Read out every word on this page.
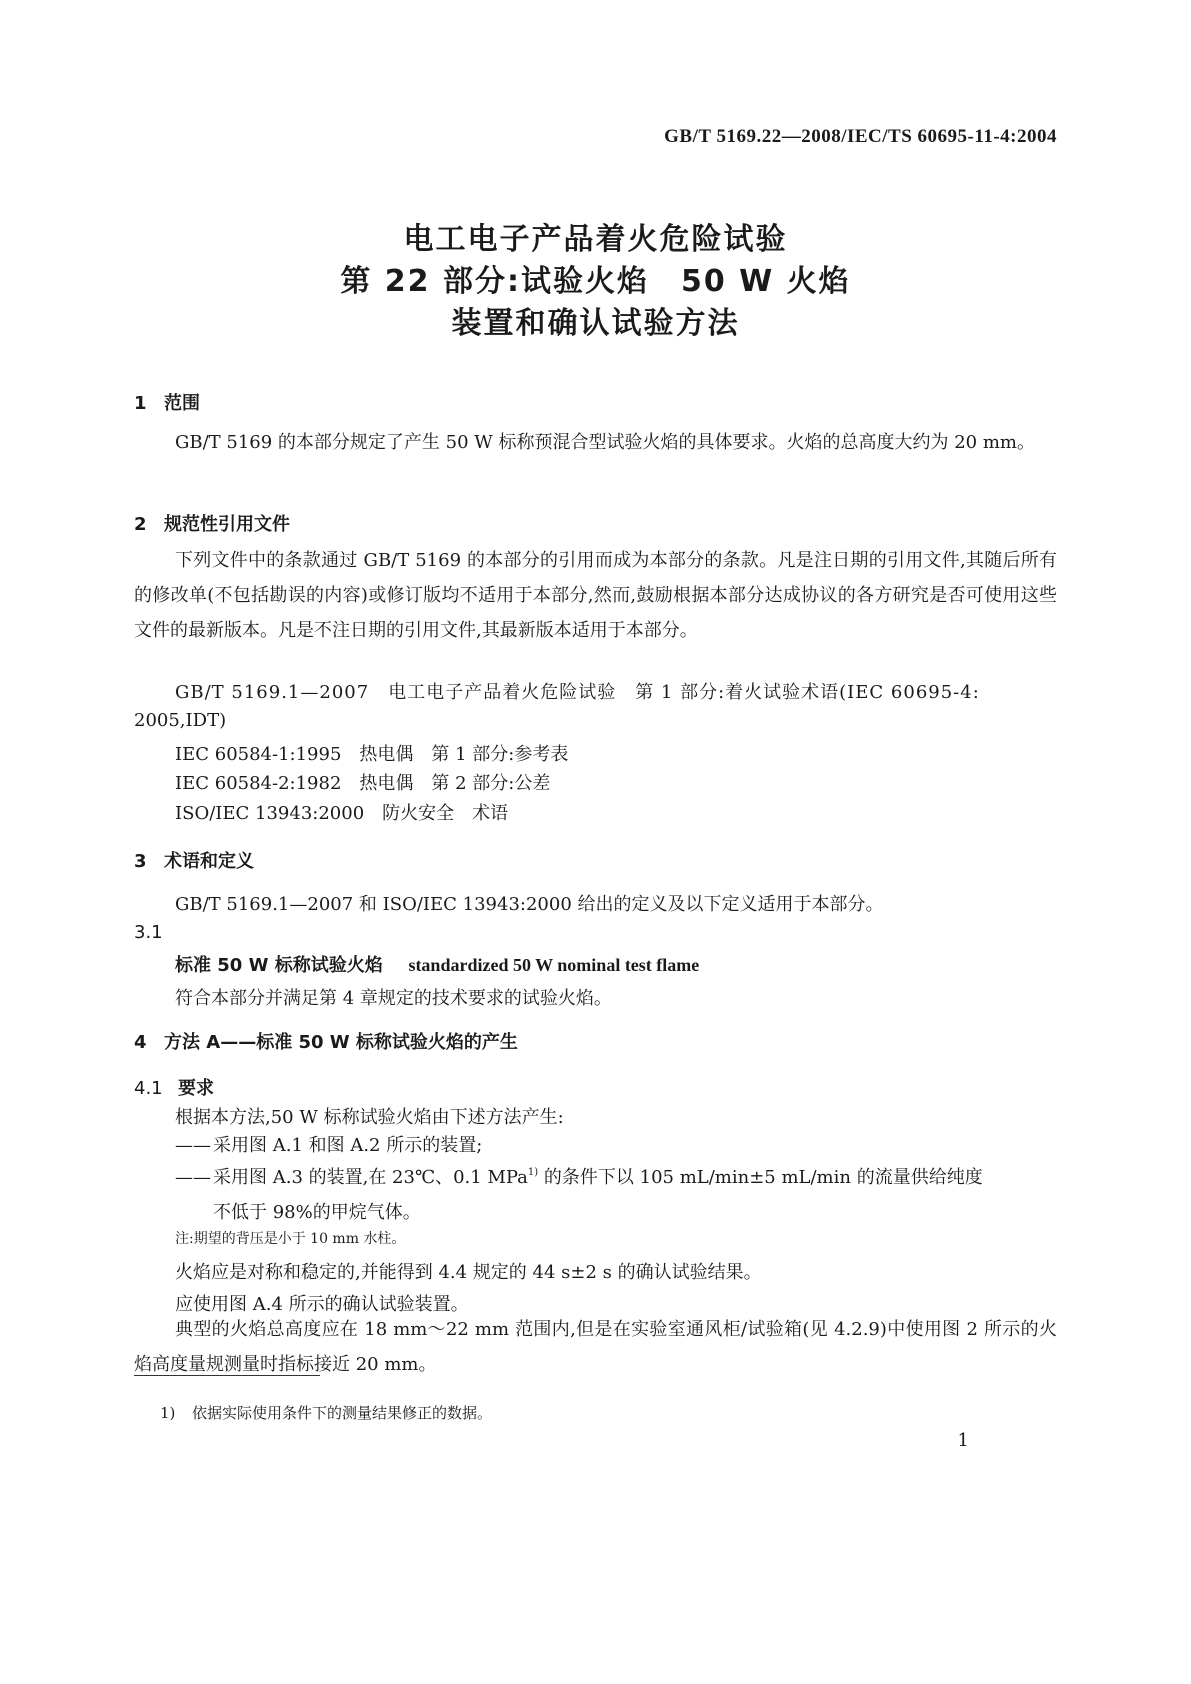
GB/T 5169.22—2008/IEC/TS 60695-11-4:2004
电工电子产品着火危险试验
第 22 部分:试验火焰　50 W 火焰
装置和确认试验方法
1 范围
GB/T 5169 的本部分规定了产生 50 W 标称预混合型试验火焰的具体要求。火焰的总高度大约为 20 mm。
2 规范性引用文件
下列文件中的条款通过 GB/T 5169 的本部分的引用而成为本部分的条款。凡是注日期的引用文件,其随后所有的修改单(不包括勘误的内容)或修订版均不适用于本部分,然而,鼓励根据本部分达成协议的各方研究是否可使用这些文件的最新版本。凡是不注日期的引用文件,其最新版本适用于本部分。
GB/T 5169.1—2007　电工电子产品着火危险试验　第 1 部分:着火试验术语(IEC 60695-4:
2005,IDT)
IEC 60584-1:1995　热电偶　第 1 部分:参考表
IEC 60584-2:1982　热电偶　第 2 部分:公差
ISO/IEC 13943:2000　防火安全　术语
3 术语和定义
GB/T 5169.1—2007 和 ISO/IEC 13943:2000 给出的定义及以下定义适用于本部分。
3.1
标准 50 W 标称试验火焰 standardized 50 W nominal test flame
符合本部分并满足第 4 章规定的技术要求的试验火焰。
4 方法 A——标准 50 W 标称试验火焰的产生
4.1 要求
根据本方法,50 W 标称试验火焰由下述方法产生:
—— 采用图 A.1 和图 A.2 所示的装置;
—— 采用图 A.3 的装置,在 23℃、0.1 MPa$^{1)}$ 的条件下以 105 mL/min±5 mL/min 的流量供给纯度
不低于 98%的甲烷气体。
注:期望的背压是小于 10 mm 水柱。
火焰应是对称和稳定的,并能得到 4.4 规定的 44 s±2 s 的确认试验结果。
应使用图 A.4 所示的确认试验装置。
典型的火焰总高度应在 18 mm～22 mm 范围内,但是在实验室通风柜/试验箱(见 4.2.9)中使用图 2 所示的火焰高度量规测量时指标接近 20 mm。
1) 依据实际使用条件下的测量结果修正的数据。
1
